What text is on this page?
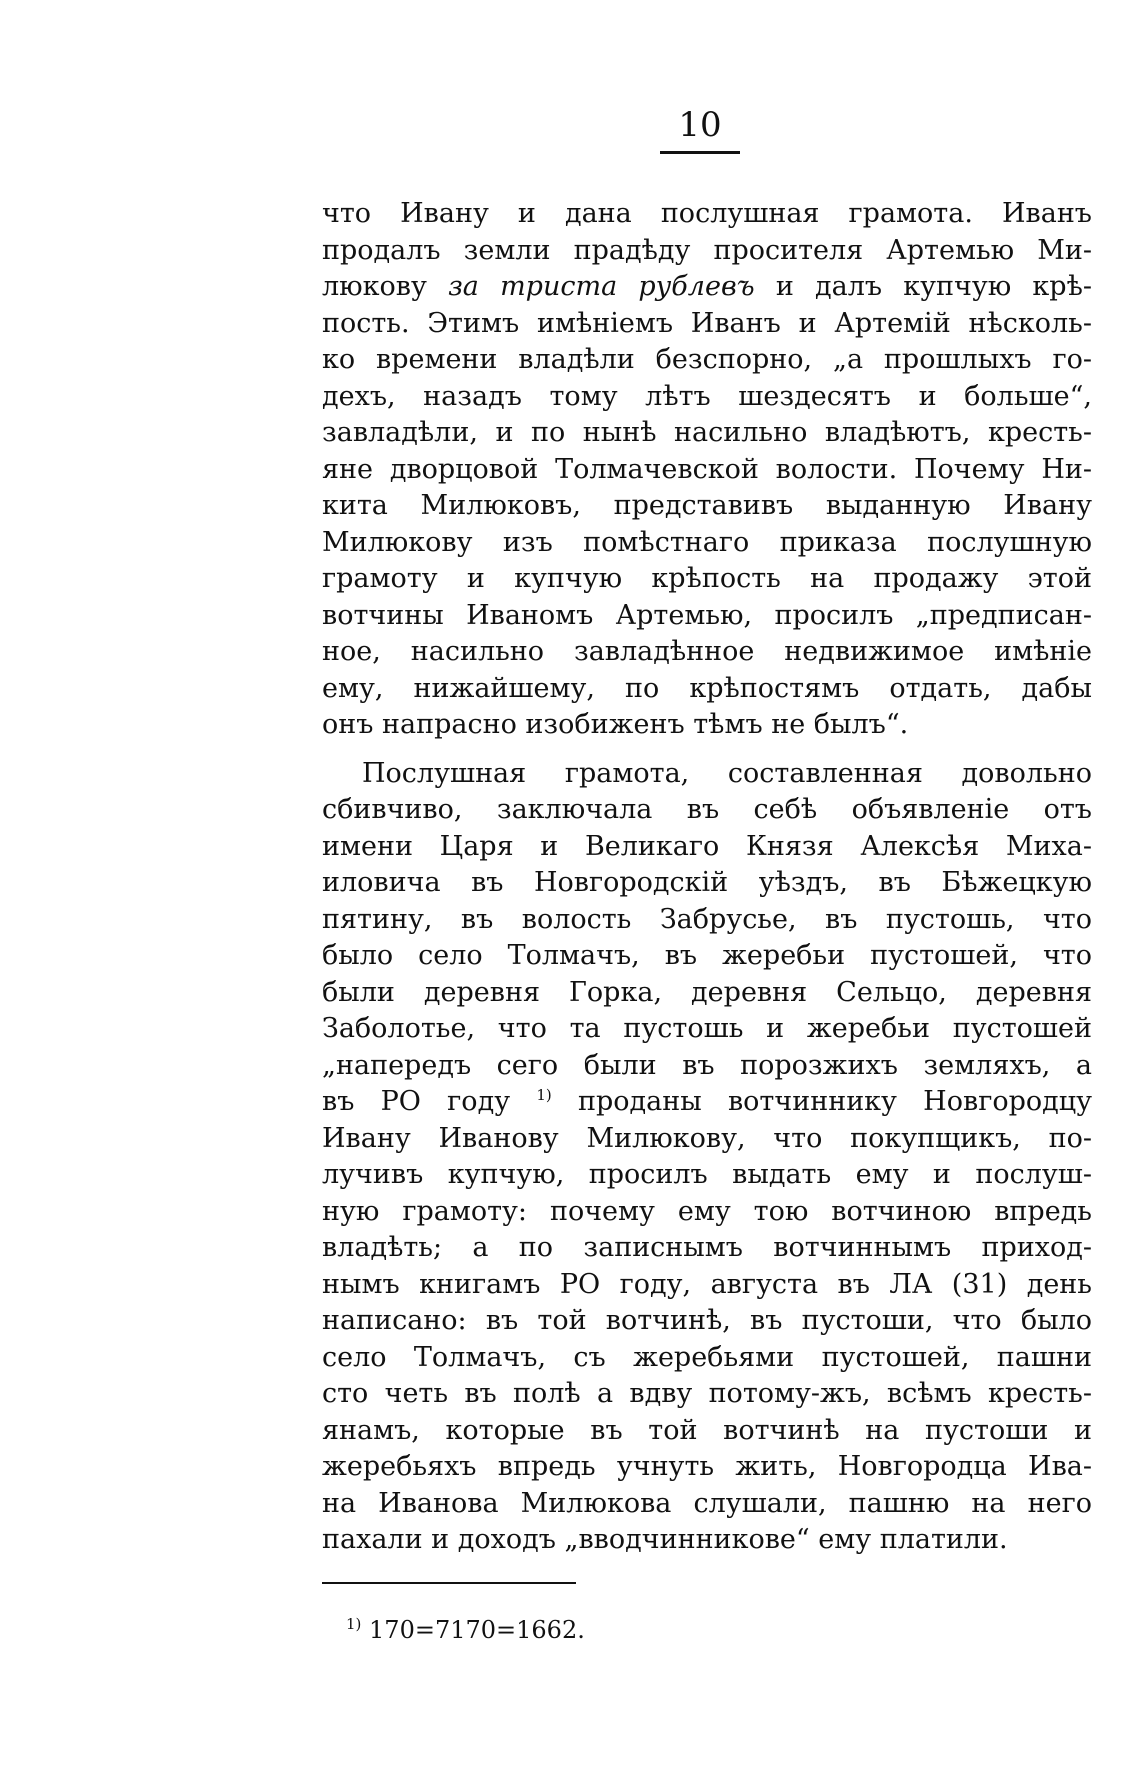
10
что Ивану и дана послушная грамота. Иванъ
продалъ земли прадѣду просителя Артемью Ми-
люкову за триста рублевъ и далъ купчую крѣ-
пость. Этимъ имѣніемъ Иванъ и Артемій нѣсколь-
ко времени владѣли безспорно, „а прошлыхъ го-
дехъ, назадъ тому лѣтъ шездесятъ и больше“,
завладѣли, и по нынѣ насильно владѣютъ, кресть-
яне дворцовой Толмачевской волости. Почему Ни-
кита Милюковъ, представивъ выданную Ивану
Милюкову изъ помѣстнаго приказа послушную
грамоту и купчую крѣпость на продажу этой
вотчины Иваномъ Артемью, просилъ „предписан-
ное, насильно завладѣнное недвижимое имѣніе
ему, нижайшему, по крѣпостямъ отдать, дабы
онъ напрасно изобиженъ тѣмъ не былъ“.
Послушная грамота, составленная довольно
сбивчиво, заключала въ себѣ объявленіе отъ
имени Царя и Великаго Князя Алексѣя Миха-
иловича въ Новгородскій уѣздъ, въ Бѣжецкую
пятину, въ волость Забрусье, въ пустошь, что
было село Толмачъ, въ жеребьи пустошей, что
были деревня Горка, деревня Сельцо, деревня
Заболотье, что та пустошь и жеребьи пустошей
„напередъ сего были въ порозжихъ земляхъ, а
въ РО году $^{1)}$ проданы вотчиннику Новгородцу
Ивану Иванову Милюкову, что покупщикъ, по-
лучивъ купчую, просилъ выдать ему и послуш-
ную грамоту: почему ему тою вотчиною впредь
владѣть; а по записнымъ вотчиннымъ приход-
нымъ книгамъ РО году, августа въ ЛА (31) день
написано: въ той вотчинѣ, въ пустоши, что было
село Толмачъ, съ жеребьями пустошей, пашни
сто четь въ полѣ а вдву потому-жъ, всѣмъ кресть-
янамъ, которые въ той вотчинѣ на пустоши и
жеребьяхъ впредь учнуть жить, Новгородца Ива-
на Иванова Милюкова слушали, пашню на него
пахали и доходъ „вводчинникове“ ему платили.
$^{1)}$ 170=7170=1662.
